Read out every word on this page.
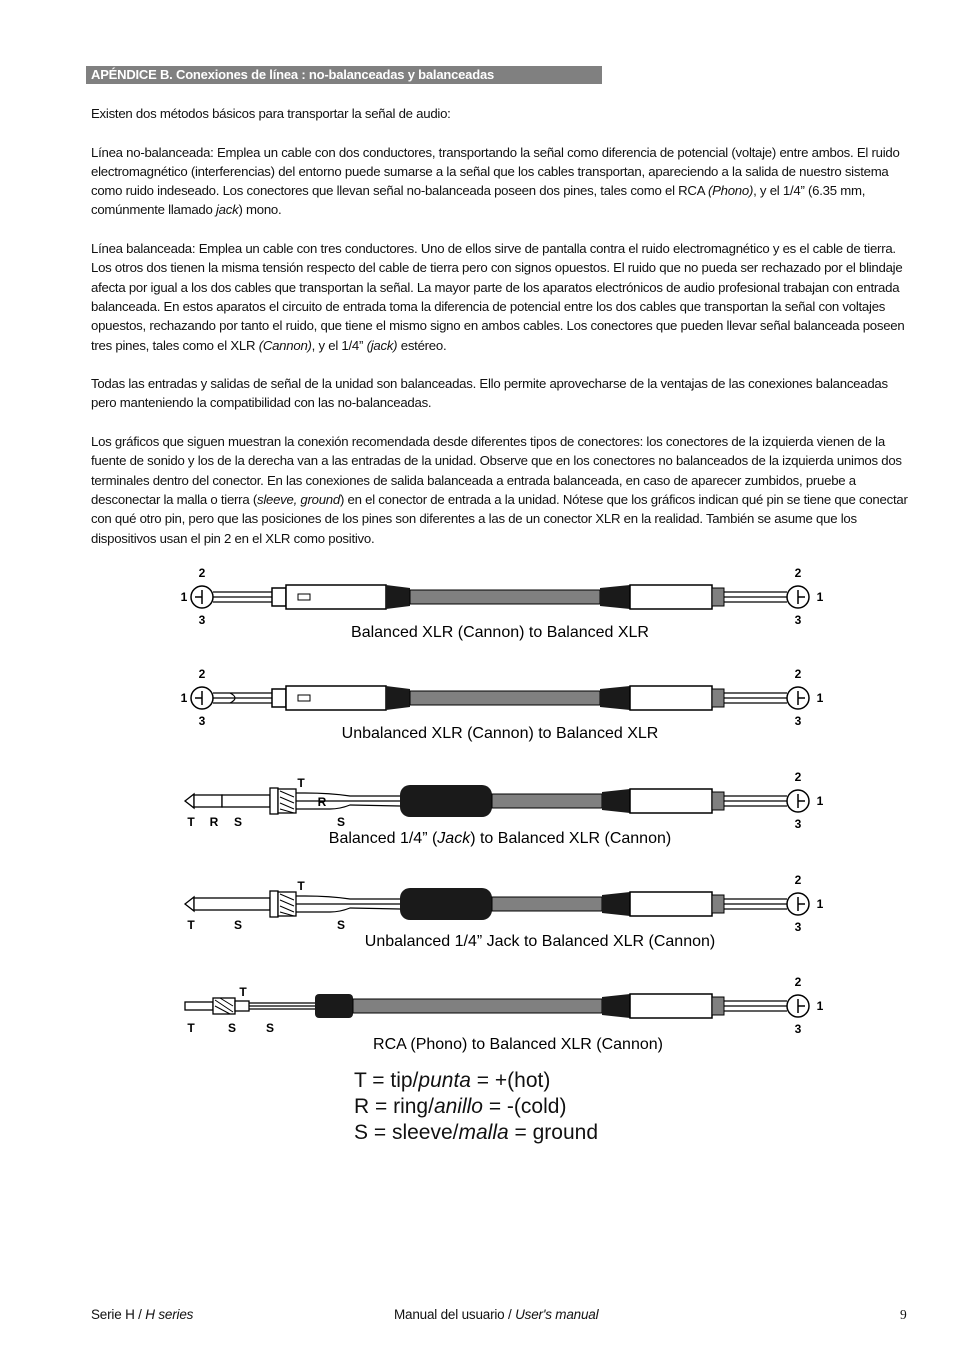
APÉNDICE B. Conexiones de línea : no-balanceadas y balanceadas

Existen dos métodos básicos para transportar la señal de audio:

Línea no-balanceada: Emplea un cable con dos conductores, transportando la señal como diferencia de potencial (voltaje) entre ambos. El ruido electromagnético (interferencias) del entorno puede sumarse a la señal que los cables transportan, apareciendo a la salida de nuestro sistema como ruido indeseado. Los conectores que llevan señal no-balanceada poseen dos pines, tales como el RCA (Phono), y el 1/4” (6.35 mm, comúnmente llamado jack) mono.

Línea balanceada: Emplea un cable con tres conductores. Uno de ellos sirve de pantalla contra el ruido electromagnético y es el cable de tierra. Los otros dos tienen la misma tensión respecto del cable de tierra pero con signos opuestos. El ruido que no pueda ser rechazado por el blindaje afecta por igual a los dos cables que transportan la señal. La mayor parte de los aparatos electrónicos de audio profesional trabajan con entrada balanceada. En estos aparatos el circuito de entrada toma la diferencia de potencial entre los dos cables que transportan la señal con voltajes opuestos, rechazando por tanto el ruido, que tiene el mismo signo en ambos cables. Los conectores que pueden llevar señal balanceada poseen tres pines, tales como el XLR (Cannon), y el 1/4” (jack) estéreo.

Todas las entradas y salidas de señal de la unidad son balanceadas. Ello permite aprovecharse de la ventajas de las conexiones balanceadas pero manteniendo la compatibilidad con las no-balanceadas.

Los gráficos que siguen muestran la conexión recomendada desde diferentes tipos de conectores: los conectores de la izquierda vienen de la fuente de sonido y los de la derecha van a las entradas de la unidad. Observe que en los conectores no balanceados de la izquierda unimos dos terminales dentro del conector. En las conexiones de salida balanceada a entrada balanceada, en caso de aparecer zumbidos, pruebe a desconectar la malla o tierra (sleeve, ground) en el conector de entrada a la unidad. Nótese que los gráficos indican qué pin se tiene que conectar con qué otro pin, pero que las posiciones de los pines son diferentes a las de un conector XLR en la realidad. También se asume que los dispositivos usan el pin 2 en el XLR como positivo.

2
1
3
2
1
3
Balanced XLR (Cannon) to Balanced XLR
2
1
3
2
1
3
Unbalanced XLR (Cannon) to Balanced XLR
T
R
S
T R S
2
1
3
Balanced 1/4” (Jack) to Balanced XLR (Cannon)
T
S
T	S
2
1
3
Unbalanced 1/4” Jack to Balanced XLR (Cannon)
T
T	S S
2
1
3
RCA (Phono) to Balanced XLR (Cannon)
T = tip/punta = +(hot)
R = ring/anillo = -(cold)
S = sleeve/malla = ground
Serie H / H series	Manual del usuario / User's manual	9
